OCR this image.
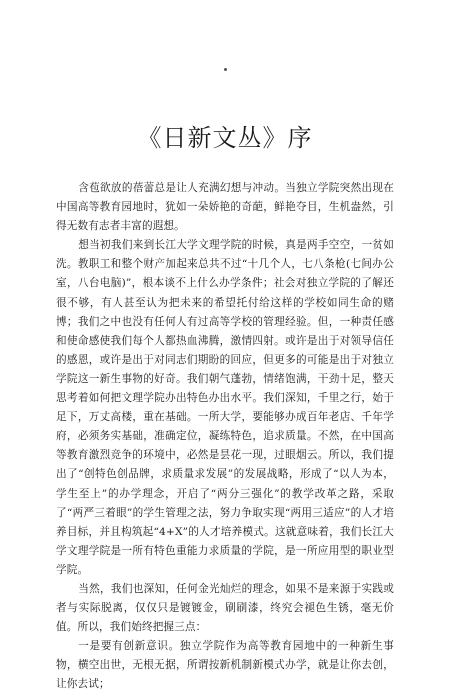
《日新文丛》序

含苞欲放的蓓蕾总是让人充满幻想与冲动。当独立学院突然出现在中国高等教育园地时，犹如一朵娇艳的奇葩，鲜艳夺目，生机盎然，引得无数有志者丰富的遐想。

想当初我们来到长江大学文理学院的时候，真是两手空空，一贫如洗。教职工和整个财产加起来总共不过“十几个人，七八条枪(七间办公室，八台电脑)”，根本谈不上什么办学条件；社会对独立学院的了解还很不够，有人甚至认为把未来的希望托付给这样的学校如同生命的赌博；我们之中也没有任何人有过高等学校的管理经验。但，一种责任感和使命感使我们每个人都热血沸腾，激情四射。或许是出于对领导信任的感恩，或许是出于对同志们期盼的回应，但更多的可能是出于对独立学院这一新生事物的好奇。我们朝气蓬勃，情绪饱满，干劲十足，整天思考着如何把文理学院办出特色办出水平。我们深知，千里之行，始于足下，万丈高楼，重在基础。一所大学，要能够办成百年老店、千年学府，必须务实基础，准确定位，凝练特色，追求质量。不然，在中国高等教育激烈竞争的环境中，必然是昙花一现，过眼烟云。所以，我们提出了“创特色创品牌，求质量求发展”的发展战略，形成了“以人为本，学生至上”的办学理念，开启了“两分三强化”的教学改革之路，采取了“两严三着眼”的学生管理之法，努力争取实现“两用三适应”的人才培养目标，并且构筑起“4+X”的人才培养模式。这就意味着，我们长江大学文理学院是一所有特色重能力求质量的学院，是一所应用型的职业型学院。

当然，我们也深知，任何金光灿烂的理念，如果不是来源于实践或者与实际脱离，仅仅只是镀镀金，刷刷漆，终究会褪色生锈，毫无价值。所以，我们始终把握三点：

一是要有创新意识。独立学院作为高等教育园地中的一种新生事物，横空出世，无根无据，所谓按新机制新模式办学，就是让你去创，让你去试；
